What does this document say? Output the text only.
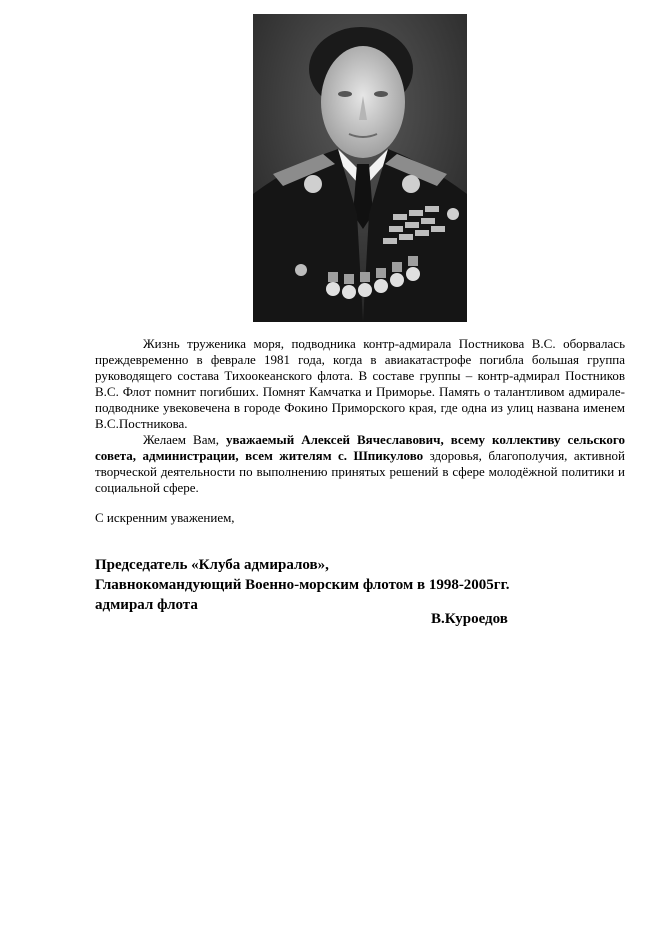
Жизнь труженика моря, подводника контр-адмирала Постникова В.С. оборвалась преждевременно в феврале 1981 года, когда в авиакатастрофе погибла большая группа руководящего состава Тихоокеанского флота. В составе группы – контр-адмирал Постников В.С. Флот помнит погибших. Помнят Камчатка и Приморье. Память о талантливом адмирале-подводнике увековечена в городе Фокино Приморского края, где одна из улиц названа именем В.С.Постникова.

Желаем Вам, уважаемый Алексей Вячеславович, всему коллективу сельского совета, администрации, всем жителям с. Шпикулово здоровья, благополучия, активной творческой деятельности по выполнению принятых решений в сфере молодёжной политики и социальной сфере.

С искренним уважением,
Председатель «Клуба адмиралов»,
Главнокомандующий Военно-морским флотом в 1998-2005гг.
адмирал флота
В.Куроедов
